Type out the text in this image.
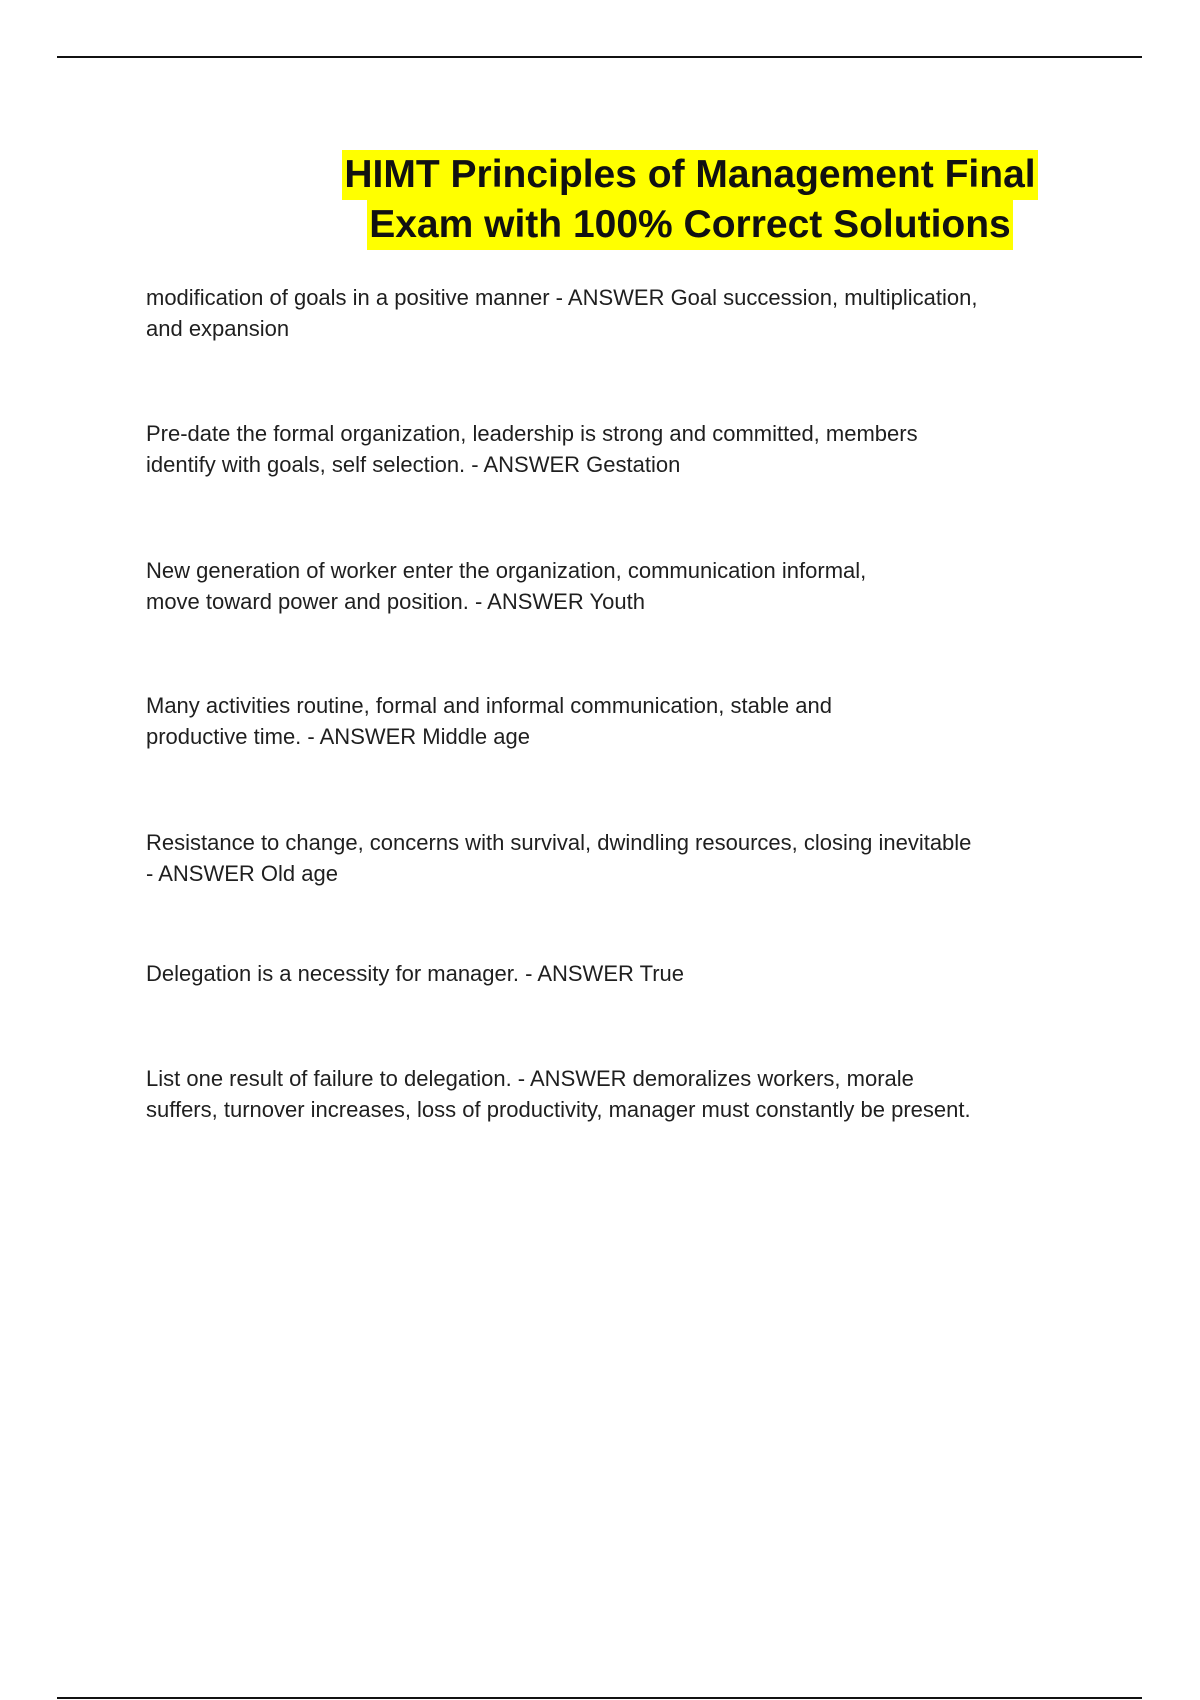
HIMT Principles of Management Final
Exam with 100% Correct Solutions
modification of goals in a positive manner - ANSWER Goal succession, multiplication,
and expansion
Pre-date the formal organization, leadership is strong and committed, members
identify with goals, self selection. - ANSWER Gestation
New generation of worker enter the organization, communication informal,
move toward power and position. - ANSWER Youth
Many activities routine, formal and informal communication, stable and
productive time. - ANSWER Middle age
Resistance to change, concerns with survival, dwindling resources, closing inevitable
- ANSWER Old age
Delegation is a necessity for manager. - ANSWER True
List one result of failure to delegation. - ANSWER demoralizes workers, morale
suffers, turnover increases, loss of productivity, manager must constantly be present.
